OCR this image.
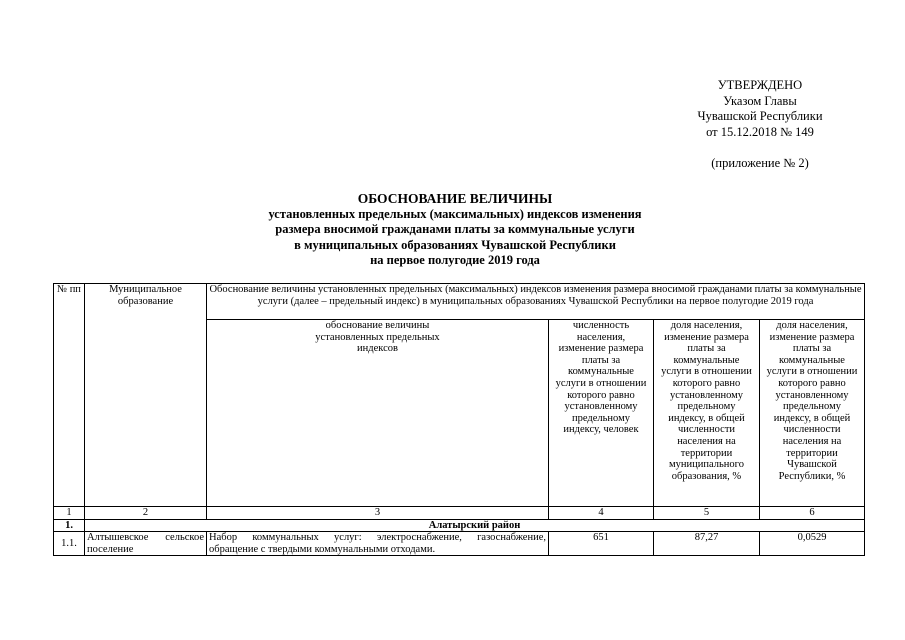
УТВЕРЖДЕНО
Указом Главы
Чувашской Республики
от 15.12.2018 № 149
(приложение № 2)
ОБОСНОВАНИЕ ВЕЛИЧИНЫ
установленных предельных (максимальных) индексов изменения
размера вносимой гражданами платы за коммунальные услуги
в муниципальных образованиях Чувашской Республики
на первое полугодие 2019 года
№ пп	Муниципальное образование	Обоснование величины установленных предельных (максимальных) индексов изменения размера вносимой гражданами платы за коммунальные услуги (далее – предельный индекс) в муниципальных образованиях Чувашской Республики на первое полугодие 2019 года			
		обоснование величины установленных предельных индексов	численность населения, изменение размера платы за коммунальные услуги в отношении которого равно установленному предельному индексу, человек	доля населения, изменение размера платы за коммунальные услуги в отношении которого равно установленному предельному индексу, в общей численности населения на территории муниципального образования, %	доля населения, изменение размера платы за коммунальные услуги в отношении которого равно установленному предельному индексу, в общей численности населения на территории Чувашской Республики, %
1	2	3	4	5	6
1.	Алатырский район				
1.1.	Алтышевское сельское поселение	Набор коммунальных услуг: электроснабжение, газоснабжение, обращение с твердыми коммунальными отходами.	651	87,27	0,0529
